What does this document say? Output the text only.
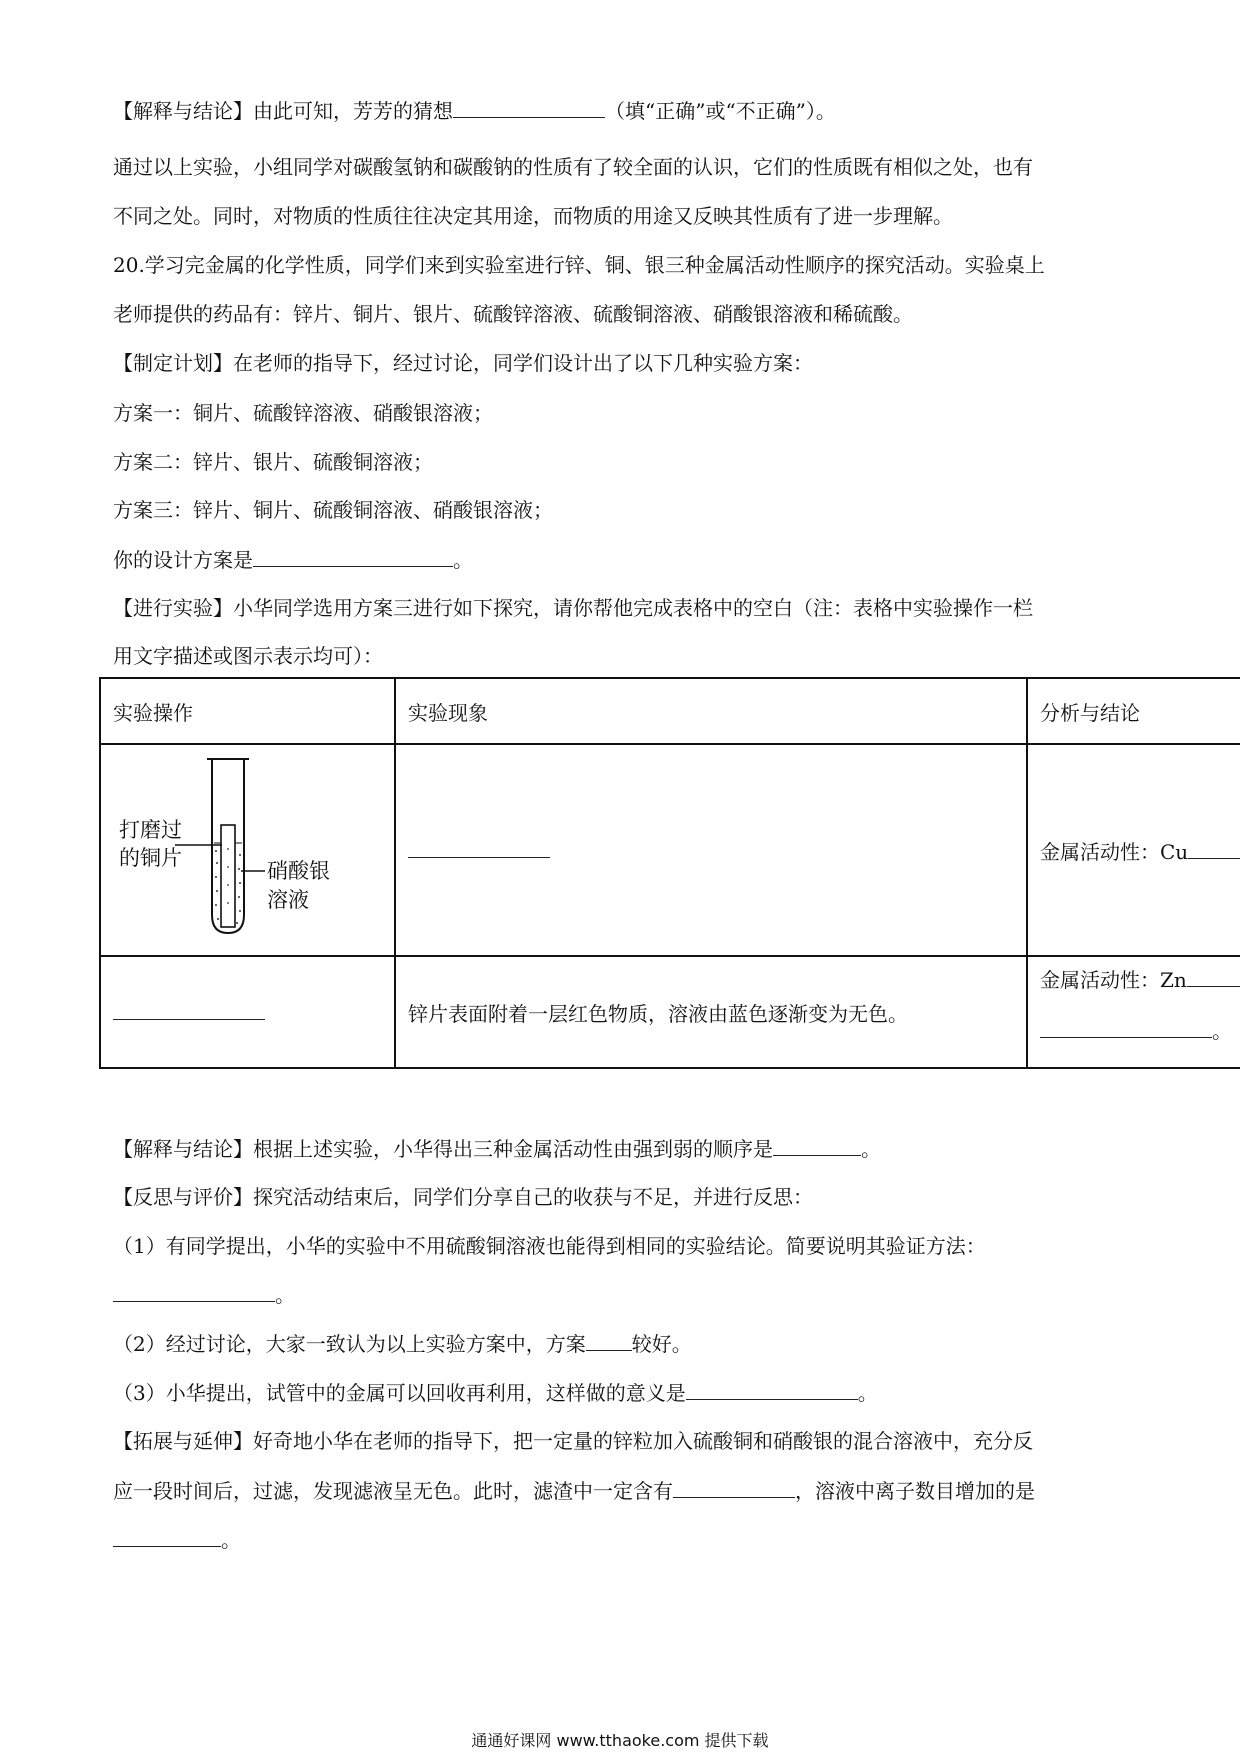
【解释与结论】由此可知，芳芳的猜想	（填“正确”或“不正确”）。
通过以上实验，小组同学对碳酸氢钠和碳酸钠的性质有了较全面的认识，它们的性质既有相似之处，也有
不同之处。同时，对物质的性质往往决定其用途，而物质的用途又反映其性质有了进一步理解。
20.学习完金属的化学性质，同学们来到实验室进行锌、铜、银三种金属活动性顺序的探究活动。实验桌上
老师提供的药品有：锌片、铜片、银片、硫酸锌溶液、硫酸铜溶液、硝酸银溶液和稀硫酸。
【制定计划】在老师的指导下，经过讨论，同学们设计出了以下几种实验方案：
方案一：铜片、硫酸锌溶液、硝酸银溶液；
方案二：锌片、银片、硫酸铜溶液；
方案三：锌片、铜片、硫酸铜溶液、硝酸银溶液；
你的设计方案是	。
【进行实验】小华同学选用方案三进行如下探究，请你帮他完成表格中的空白（注：表格中实验操作一栏
用文字描述或图示表示均可）：
实验操作	实验现象	分析与结论

打磨过
的铜片
硝酸银
溶液		金属活动性：Cu
	锌片表面附着一层红色物质，溶液由蓝色逐渐变为无色。	金属活动性：Zn
。
【解释与结论】根据上述实验，小华得出三种金属活动性由强到弱的顺序是	。
【反思与评价】探究活动结束后，同学们分享自己的收获与不足，并进行反思：
（1）有同学提出，小华的实验中不用硫酸铜溶液也能得到相同的实验结论。简要说明其验证方法：
。
（2）经过讨论，大家一致认为以上实验方案中，方案 较好。
（3）小华提出，试管中的金属可以回收再利用，这样做的意义是	。
【拓展与延伸】好奇地小华在老师的指导下，把一定量的锌粒加入硫酸铜和硝酸银的混合溶液中，充分反
应一段时间后，过滤，发现滤液呈无色。此时，滤渣中一定含有	，溶液中离子数目增加的是
。
通通好课网 www.tthaoke.com 提供下载
